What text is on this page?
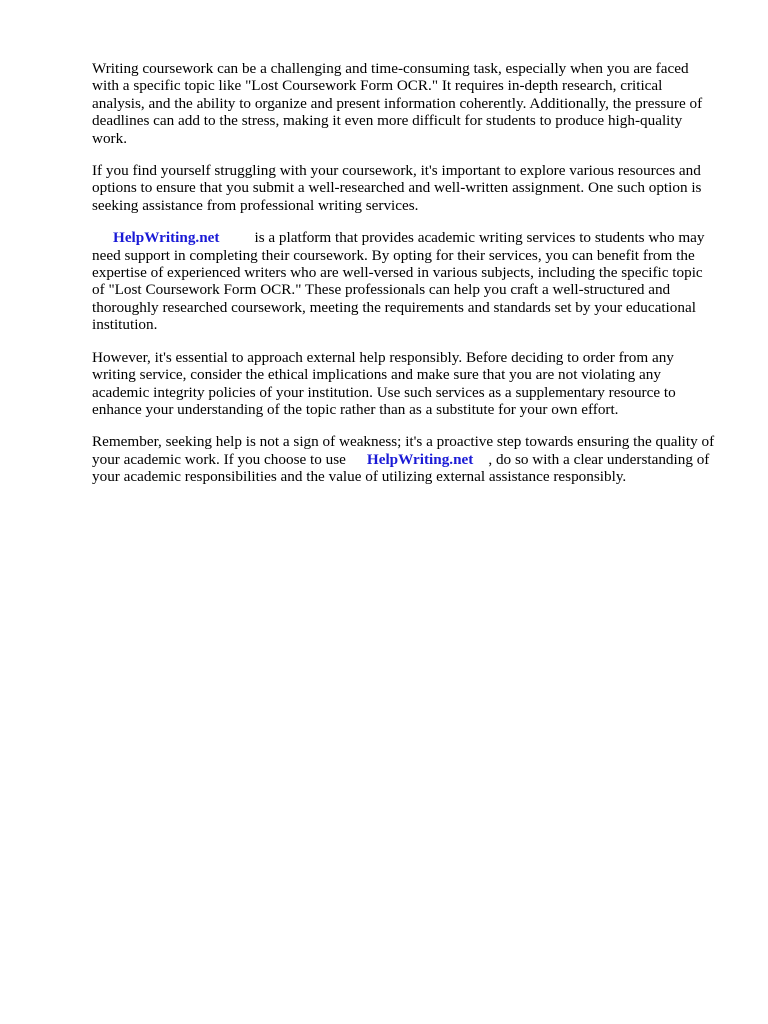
Writing coursework can be a challenging and time-consuming task, especially when you are faced with a specific topic like "Lost Coursework Form OCR." It requires in-depth research, critical analysis, and the ability to organize and present information coherently. Additionally, the pressure of deadlines can add to the stress, making it even more difficult for students to produce high-quality work.

If you find yourself struggling with your coursework, it's important to explore various resources and options to ensure that you submit a well-researched and well-written assignment. One such option is seeking assistance from professional writing services.

HelpWriting.net is a platform that provides academic writing services to students who may need support in completing their coursework. By opting for their services, you can benefit from the expertise of experienced writers who are well-versed in various subjects, including the specific topic of "Lost Coursework Form OCR." These professionals can help you craft a well-structured and thoroughly researched coursework, meeting the requirements and standards set by your educational institution.

However, it's essential to approach external help responsibly. Before deciding to order from any writing service, consider the ethical implications and make sure that you are not violating any academic integrity policies of your institution. Use such services as a supplementary resource to enhance your understanding of the topic rather than as a substitute for your own effort.

Remember, seeking help is not a sign of weakness; it's a proactive step towards ensuring the quality of your academic work. If you choose to use HelpWriting.net , do so with a clear understanding of your academic responsibilities and the value of utilizing external assistance responsibly.
